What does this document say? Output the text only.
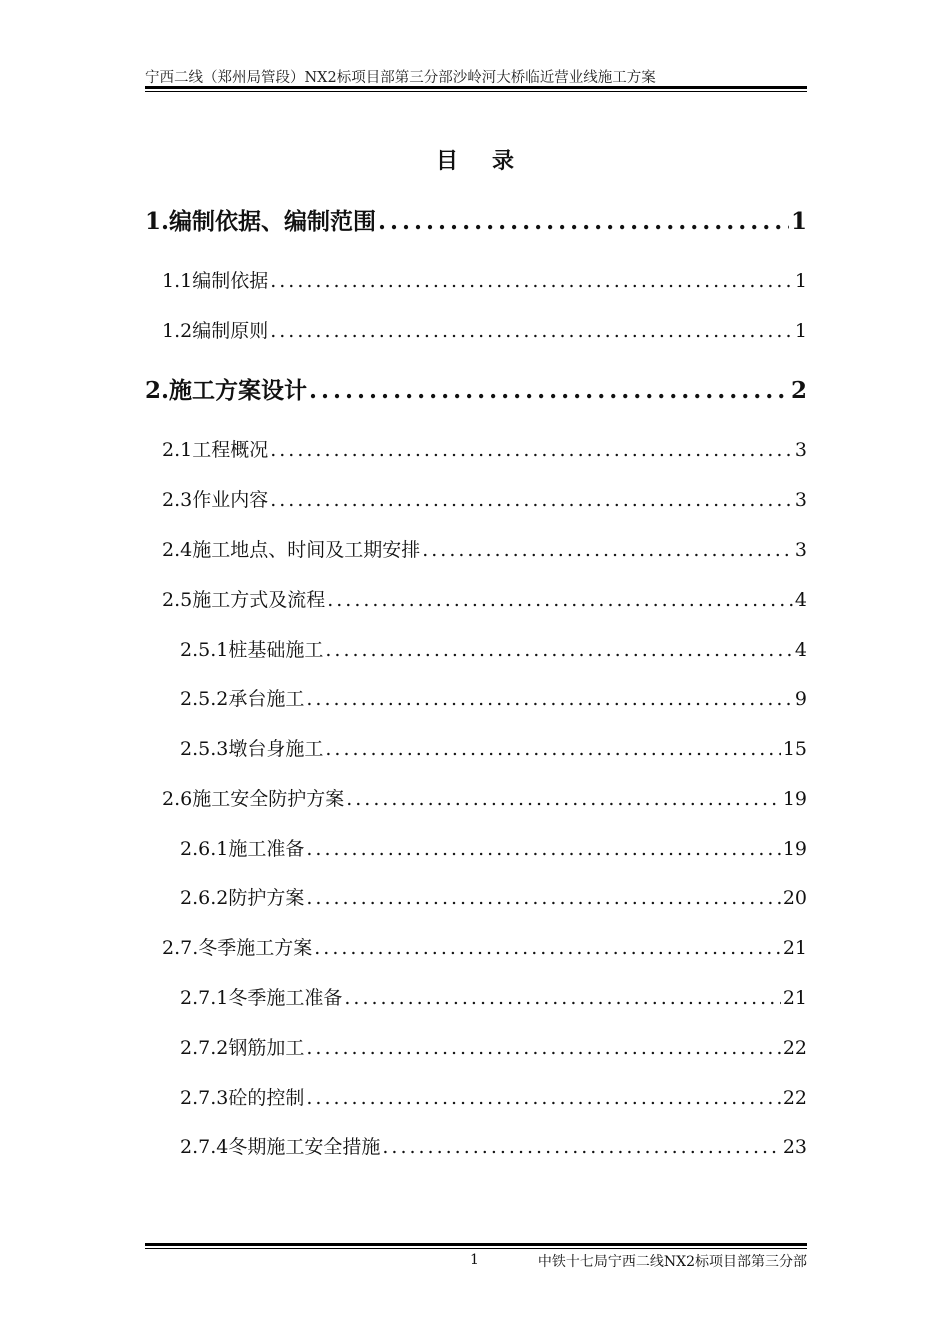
宁西二线（郑州局管段）NX2标项目部第三分部沙岭河大桥临近营业线施工方案
目录
1.编制依据、编制范围 .....	1
1.1编制依据 .....	1
1.2编制原则 .....	1
2.施工方案设计 .....	2
2.1工程概况 .....	3
2.3作业内容 .....	3
2.4施工地点、时间及工期安排 .....	3
2.5施工方式及流程 .....	4
2.5.1桩基础施工 .....	4
2.5.2承台施工 .....	9
2.5.3墩台身施工 .....	15
2.6施工安全防护方案 .....	19
2.6.1施工准备 .....	19
2.6.2防护方案 .....	20
2.7.冬季施工方案 .....	21
2.7.1冬季施工准备 .....	21
2.7.2钢筋加工 .....	22
2.7.3砼的控制 .....	22
2.7.4冬期施工安全措施 .....	23
1	中铁十七局宁西二线NX2标项目部第三分部
